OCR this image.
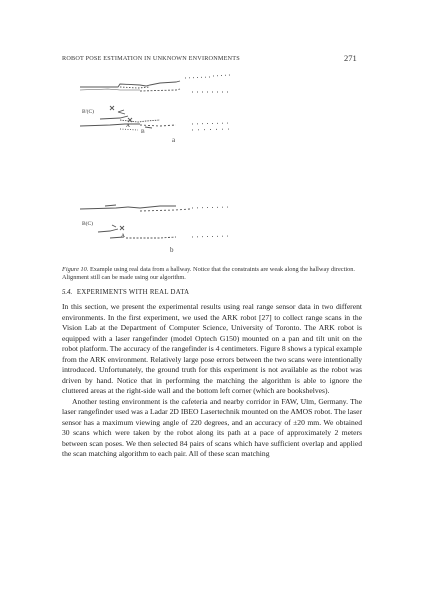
ROBOT POSE ESTIMATION IN UNKNOWN ENVIRONMENTS	271
B'(C)
A
B
a
B(C)
A
b
Figure 10. Example using real data from a hallway. Notice that the constraints are weak along the hallway direction. Alignment still can be made using our algorithm.
5.4. EXPERIMENTS WITH REAL DATA

In this section, we present the experimental results using real range sensor data in two different environments. In the first experiment, we used the ARK robot [27] to collect range scans in the Vision Lab at the Department of Computer Science, University of Toronto. The ARK robot is equipped with a laser rangefinder (model Optech G150) mounted on a pan and tilt unit on the robot platform. The accuracy of the rangefinder is 4 centimeters. Figure 8 shows a typical example from the ARK environment. Relatively large pose errors between the two scans were intentionally introduced. Unfortunately, the ground truth for this experiment is not available as the robot was driven by hand. Notice that in performing the matching the algorithm is able to ignore the cluttered areas at the right-side wall and the bottom left corner (which are bookshelves).

Another testing environment is the cafeteria and nearby corridor in FAW, Ulm, Germany. The laser rangefinder used was a Ladar 2D IBEO Lasertechnik mounted on the AMOS robot. The laser sensor has a maximum viewing angle of 220 degrees, and an accuracy of ±20 mm. We obtained 30 scans which were taken by the robot along its path at a pace of approximately 2 meters between scan poses. We then selected 84 pairs of scans which have sufficient overlap and applied the scan matching algorithm to each pair. All of these scan matching
